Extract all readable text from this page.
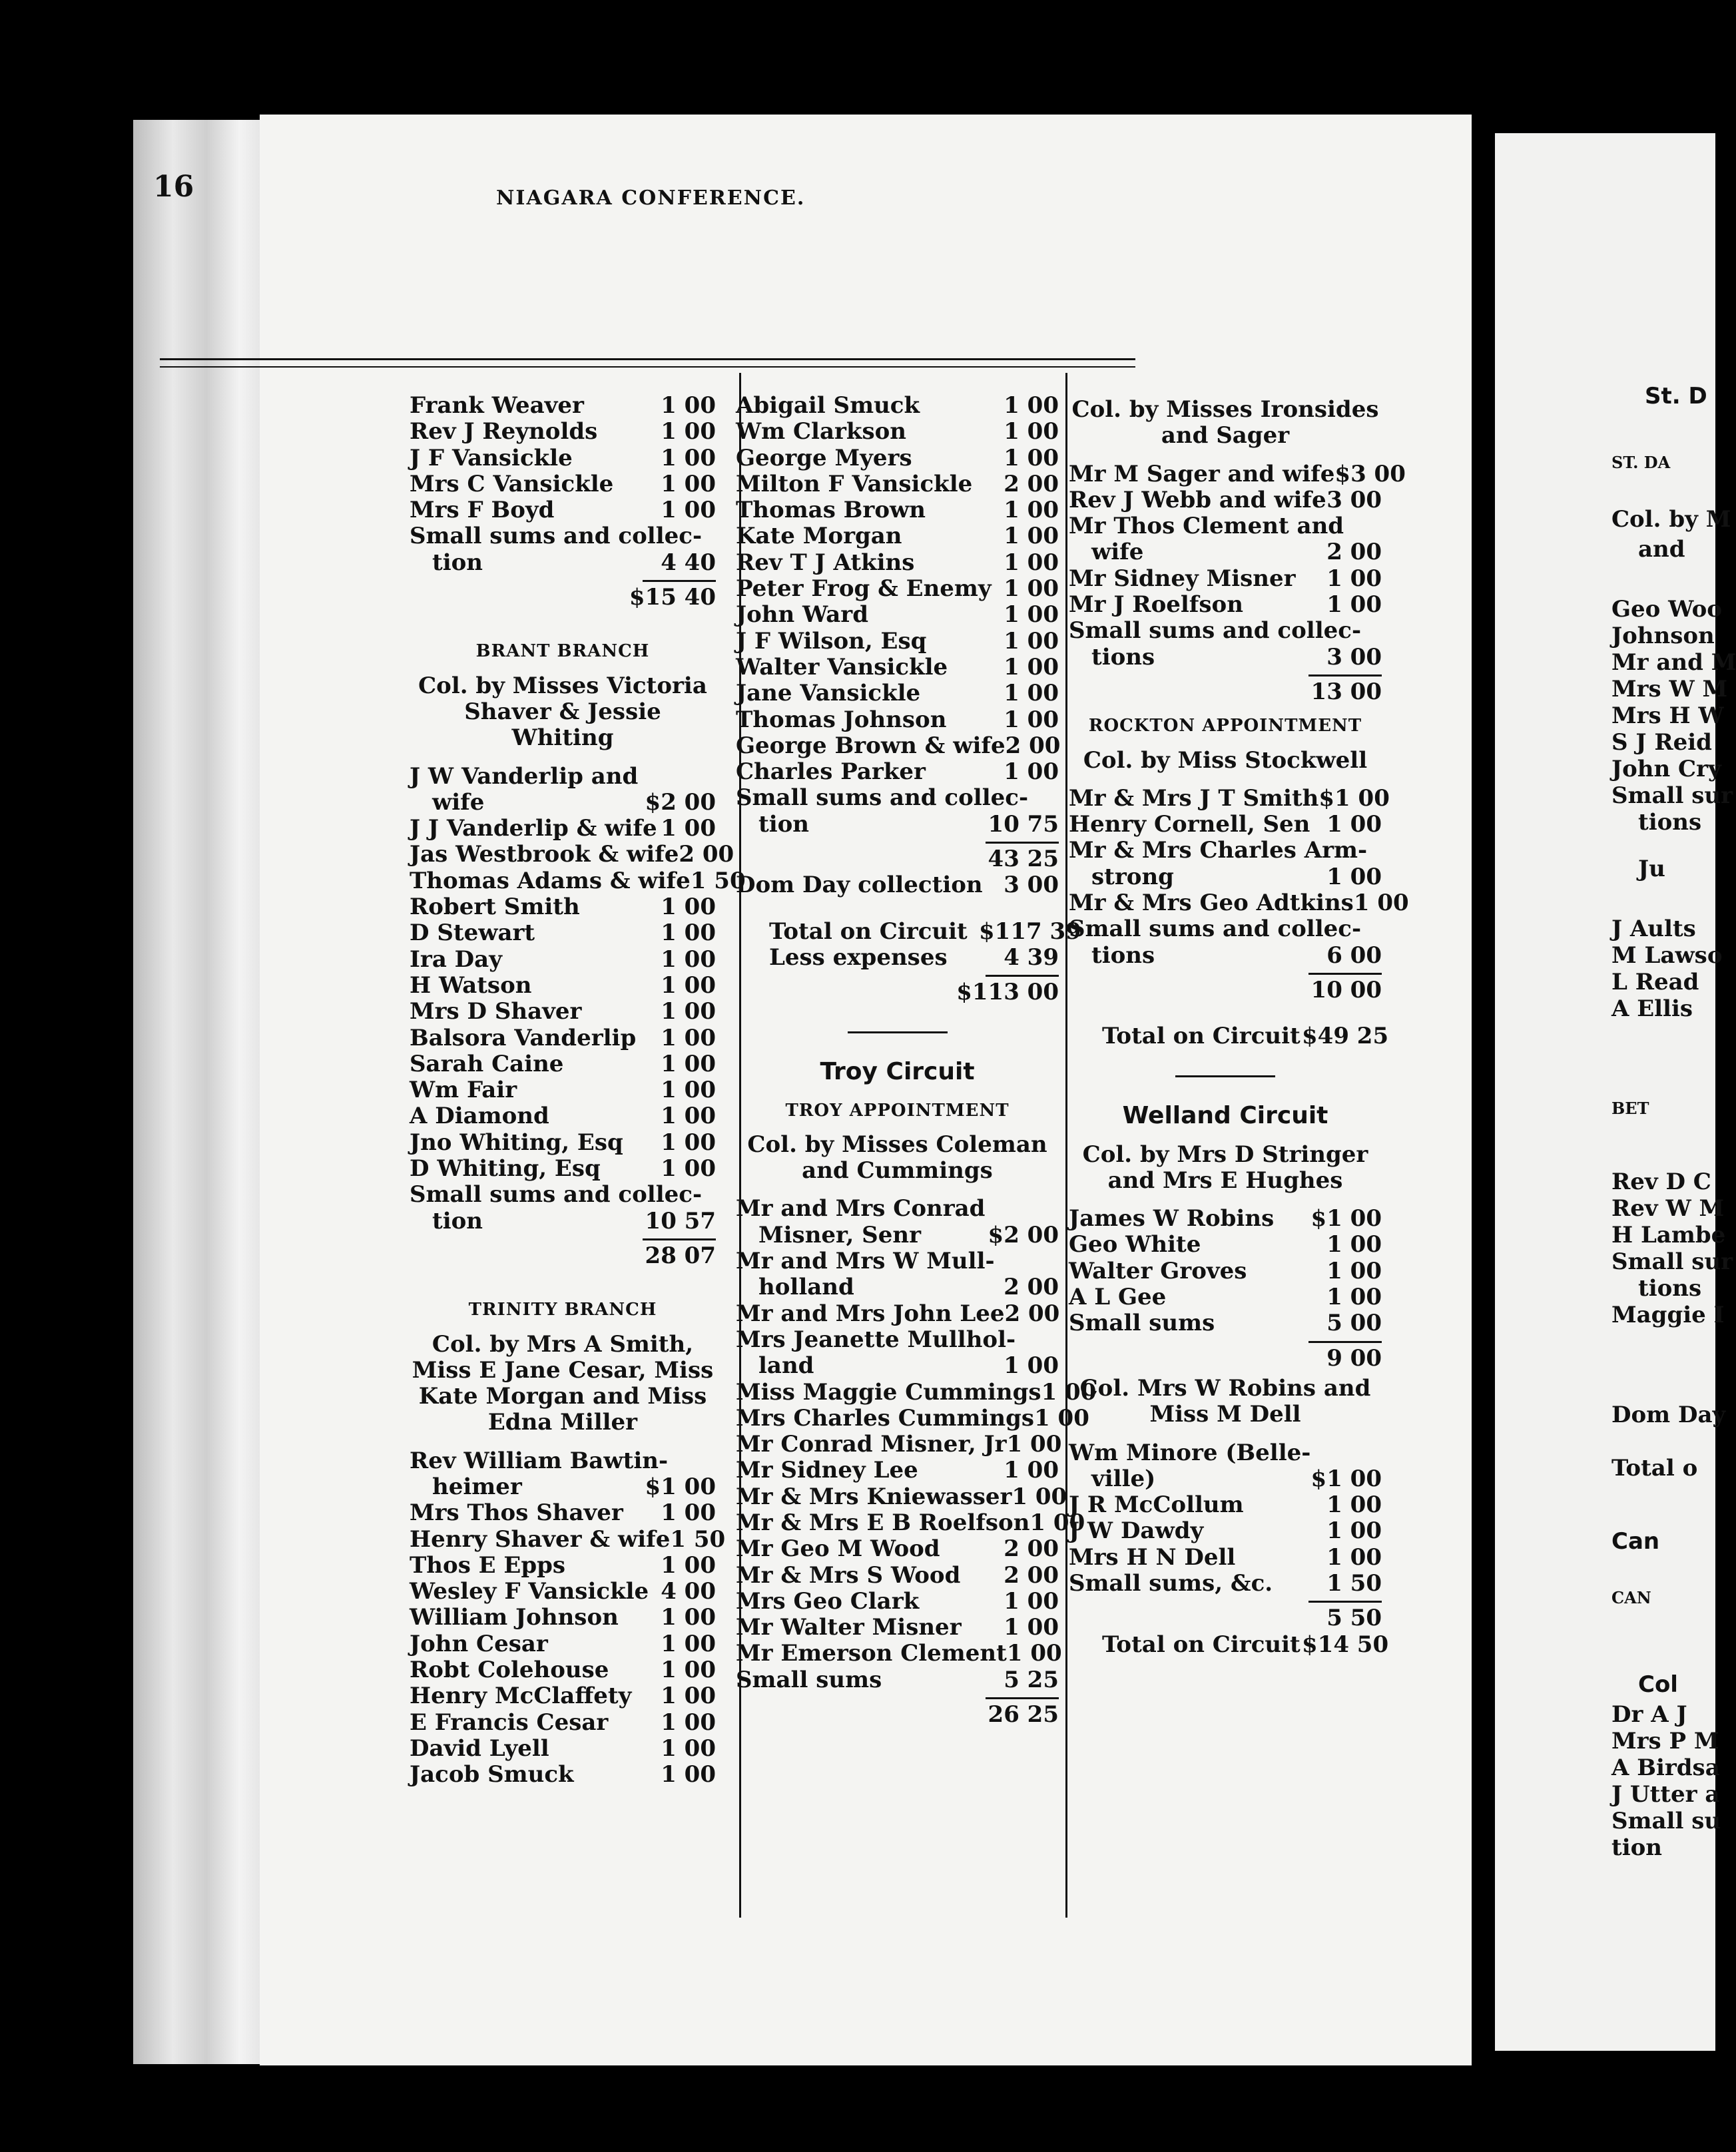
St. D
ST. DA
Col. by M
and
Geo Woo
Johnson
Mr and M
Mrs W M
Mrs H W
S J Reid
John Cry
Small sur
tions
Ju
J Aults
M Lawso
L Read
A Ellis
BET
Rev D C
Rev W M
H Lambe
Small sur
tions
Maggie I
Dom Day
Total o
Can
CAN
Col
Dr A J
Mrs P M
A Birdsa
J Utter a
Small su
tion
16	NIAGARA CONFERENCE.
Frank Weaver	1 00
Rev J Reynolds	1 00
J F Vansickle	1 00
Mrs C Vansickle	1 00
Mrs F Boyd	1 00
Small sums and collec-
tion	4 40
$15 40
BRANT BRANCH
Col. by Misses Victoria Shaver & Jessie Whiting
J W Vanderlip and
wife	$2 00
J J Vanderlip & wife 1 00
Jas Westbrook & wife 2 00
Thomas Adams & wife 1 50
Robert Smith	1 00
D Stewart	1 00
Ira Day	1 00
H Watson	1 00
Mrs D Shaver	1 00
Balsora Vanderlip	1 00
Sarah Caine	1 00
Wm Fair	1 00
A Diamond	1 00
Jno Whiting, Esq	1 00
D Whiting, Esq	1 00
Small sums and collec-
tion	10 57
28 07
TRINITY BRANCH
Col. by Mrs A Smith, Miss E Jane Cesar, Miss Kate Morgan and Miss Edna Miller
Rev William Bawtin-
heimer	$1 00
Mrs Thos Shaver	1 00
Henry Shaver & wife 1 50
Thos E Epps	1 00
Wesley F Vansickle 4 00
William Johnson	1 00
John Cesar	1 00
Robt Colehouse	1 00
Henry McClaffety	1 00
E Francis Cesar	1 00
David Lyell	1 00
Jacob Smuck	1 00
Abigail Smuck	1 00
Wm Clarkson	1 00
George Myers	1 00
Milton F Vansickle	2 00
Thomas Brown	1 00
Kate Morgan	1 00
Rev T J Atkins	1 00
Peter Frog & Enemy 1 00
John Ward	1 00
J F Wilson, Esq	1 00
Walter Vansickle	1 00
Jane Vansickle	1 00
Thomas Johnson	1 00
George Brown & wife 2 00
Charles Parker	1 00
Small sums and collec-
tion	10 75
43 25
Dom Day collection 3 00
Total on Circuit $117 39
Less expenses	4 39
$113 00
Troy Circuit
TROY APPOINTMENT
Col. by Misses Coleman and Cummings
Mr and Mrs Conrad
Misner, Senr	$2 00
Mr and Mrs W Mull-
holland	2 00
Mr and Mrs John Lee 2 00
Mrs Jeanette Mullhol-
land	1 00
Miss Maggie Cummings 1 00
Mrs Charles Cummings 1 00
Mr Conrad Misner, Jr 1 00
Mr Sidney Lee	1 00
Mr & Mrs Kniewasser 1 00
Mr & Mrs E B Roelfson 1 00
Mr Geo M Wood	2 00
Mr & Mrs S Wood	2 00
Mrs Geo Clark	1 00
Mr Walter Misner	1 00
Mr Emerson Clement 1 00
Small sums	5 25
26 25
Col. by Misses Ironsides and Sager
Mr M Sager and wife $3 00
Rev J Webb and wife 3 00
Mr Thos Clement and
wife	2 00
Mr Sidney Misner	1 00
Mr J Roelfson	1 00
Small sums and collec-
tions	3 00
13 00
ROCKTON APPOINTMENT
Col. by Miss Stockwell
Mr & Mrs J T Smith $1 00
Henry Cornell, Sen 1 00
Mr & Mrs Charles Arm-
strong	1 00
Mr & Mrs Geo Adtkins 1 00
Small sums and collec-
tions	6 00
10 00
Total on Circuit $49 25
Welland Circuit
Col. by Mrs D Stringer and Mrs E Hughes
James W Robins	$1 00
Geo White	1 00
Walter Groves	1 00
A L Gee	1 00
Small sums	5 00
9 00
Col. Mrs W Robins and Miss M Dell
Wm Minore (Belle-
ville)	$1 00
J R McCollum	1 00
J W Dawdy	1 00
Mrs H N Dell	1 00
Small sums, &c.	1 50
5 50
Total on Circuit $14 50
